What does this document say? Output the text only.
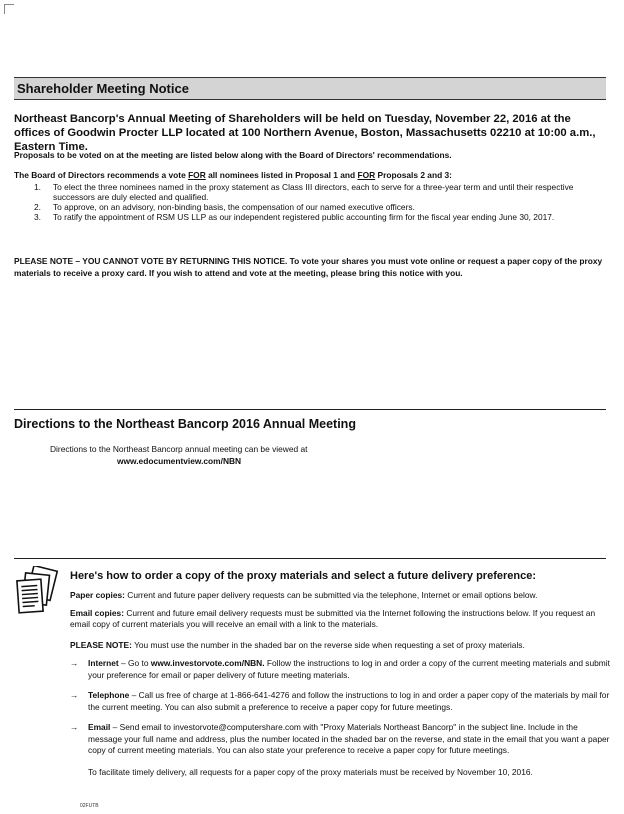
Shareholder Meeting Notice
Northeast Bancorp's Annual Meeting of Shareholders will be held on Tuesday, November 22, 2016 at the offices of Goodwin Procter LLP located at 100 Northern Avenue, Boston, Massachusetts 02210 at 10:00 a.m., Eastern Time.
Proposals to be voted on at the meeting are listed below along with the Board of Directors' recommendations.
The Board of Directors recommends a vote FOR all nominees listed in Proposal 1 and FOR Proposals 2 and 3:
1.	To elect the three nominees named in the proxy statement as Class III directors, each to serve for a three-year term and until their respective successors are duly elected and qualified.
2.	To approve, on an advisory, non-binding basis, the compensation of our named executive officers.
3.	To ratify the appointment of RSM US LLP as our independent registered public accounting firm for the fiscal year ending June 30, 2017.
PLEASE NOTE – YOU CANNOT VOTE BY RETURNING THIS NOTICE. To vote your shares you must vote online or request a paper copy of the proxy materials to receive a proxy card. If you wish to attend and vote at the meeting, please bring this notice with you.
Directions to the Northeast Bancorp 2016 Annual Meeting
Directions to the Northeast Bancorp annual meeting can be viewed at
www.edocumentview.com/NBN
Here's how to order a copy of the proxy materials and select a future delivery preference:
Paper copies: Current and future paper delivery requests can be submitted via the telephone, Internet or email options below.
Email copies: Current and future email delivery requests must be submitted via the Internet following the instructions below. If you request an email copy of current materials you will receive an email with a link to the materials.
PLEASE NOTE: You must use the number in the shaded bar on the reverse side when requesting a set of proxy materials.
→	Internet – Go to www.investorvote.com/NBN. Follow the instructions to log in and order a copy of the current meeting materials and submit your preference for email or paper delivery of future meeting materials.
→	Telephone – Call us free of charge at 1-866-641-4276 and follow the instructions to log in and order a paper copy of the materials by mail for the current meeting. You can also submit a preference to receive a paper copy for future meetings.
→	Email – Send email to investorvote@computershare.com with "Proxy Materials Northeast Bancorp" in the subject line. Include in the message your full name and address, plus the number located in the shaded bar on the reverse, and state in the email that you want a paper copy of current meeting materials. You can also state your preference to receive a paper copy for future meetings.
To facilitate timely delivery, all requests for a paper copy of the proxy materials must be received by November 10, 2016.
02FUTB
